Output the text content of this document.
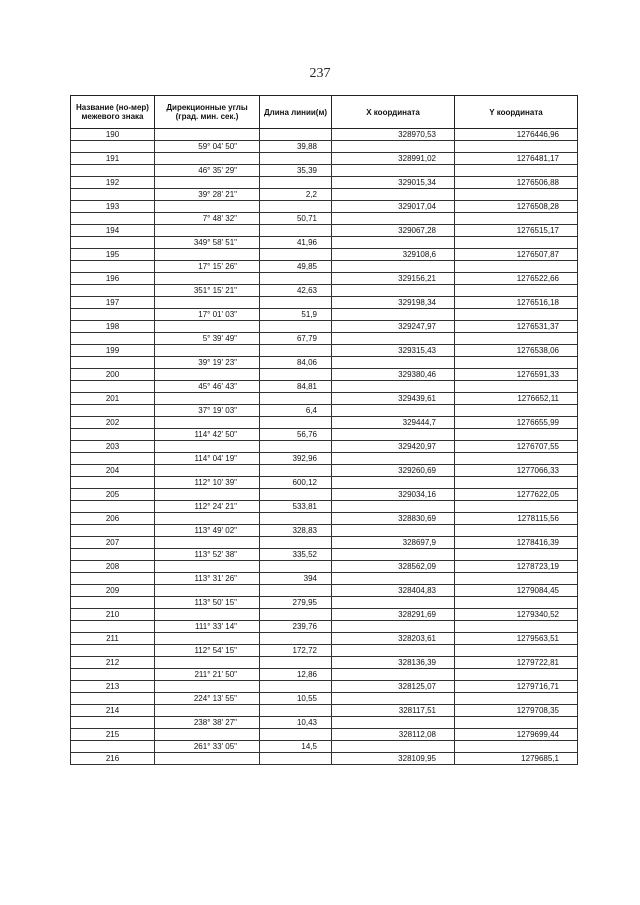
237
Название (но-мер) межевого знака	Дирекционные углы (град. мин. сек.)	Длина линии(м)	X координата	Y координата
190			328970,53	1276446,96
	59° 04' 50"	39,88		
191			328991,02	1276481,17
	46° 35' 29"	35,39		
192			329015,34	1276506,88
	39° 28' 21"	2,2		
193			329017,04	1276508,28
	7° 48' 32"	50,71		
194			329067,28	1276515,17
	349° 58' 51"	41,96		
195			329108,6	1276507,87
	17° 15' 26"	49,85		
196			329156,21	1276522,66
	351° 15' 21"	42,63		
197			329198,34	1276516,18
	17° 01' 03"	51,9		
198			329247,97	1276531,37
	5° 39' 49"	67,79		
199			329315,43	1276538,06
	39° 19' 23"	84,06		
200			329380,46	1276591,33
	45° 46' 43"	84,81		
201			329439,61	1276652,11
	37° 19' 03"	6,4		
202			329444,7	1276655,99
	114° 42' 50"	56,76		
203			329420,97	1276707,55
	114° 04' 19"	392,96		
204			329260,69	1277066,33
	112° 10' 39"	600,12		
205			329034,16	1277622,05
	112° 24' 21"	533,81		
206			328830,69	1278115,56
	113° 49' 02"	328,83		
207			328697,9	1278416,39
	113° 52' 38"	335,52		
208			328562,09	1278723,19
	113° 31' 26"	394		
209			328404,83	1279084,45
	113° 50' 15"	279,95		
210			328291,69	1279340,52
	111° 33' 14"	239,76		
211			328203,61	1279563,51
	112° 54' 15"	172,72		
212			328136,39	1279722,81
	211° 21' 50"	12,86		
213			328125,07	1279716,71
	224° 13' 55"	10,55		
214			328117,51	1279708,35
	238° 38' 27"	10,43		
215			328112,08	1279699,44
	261° 33' 05"	14,5		
216			328109,95	1279685,1
